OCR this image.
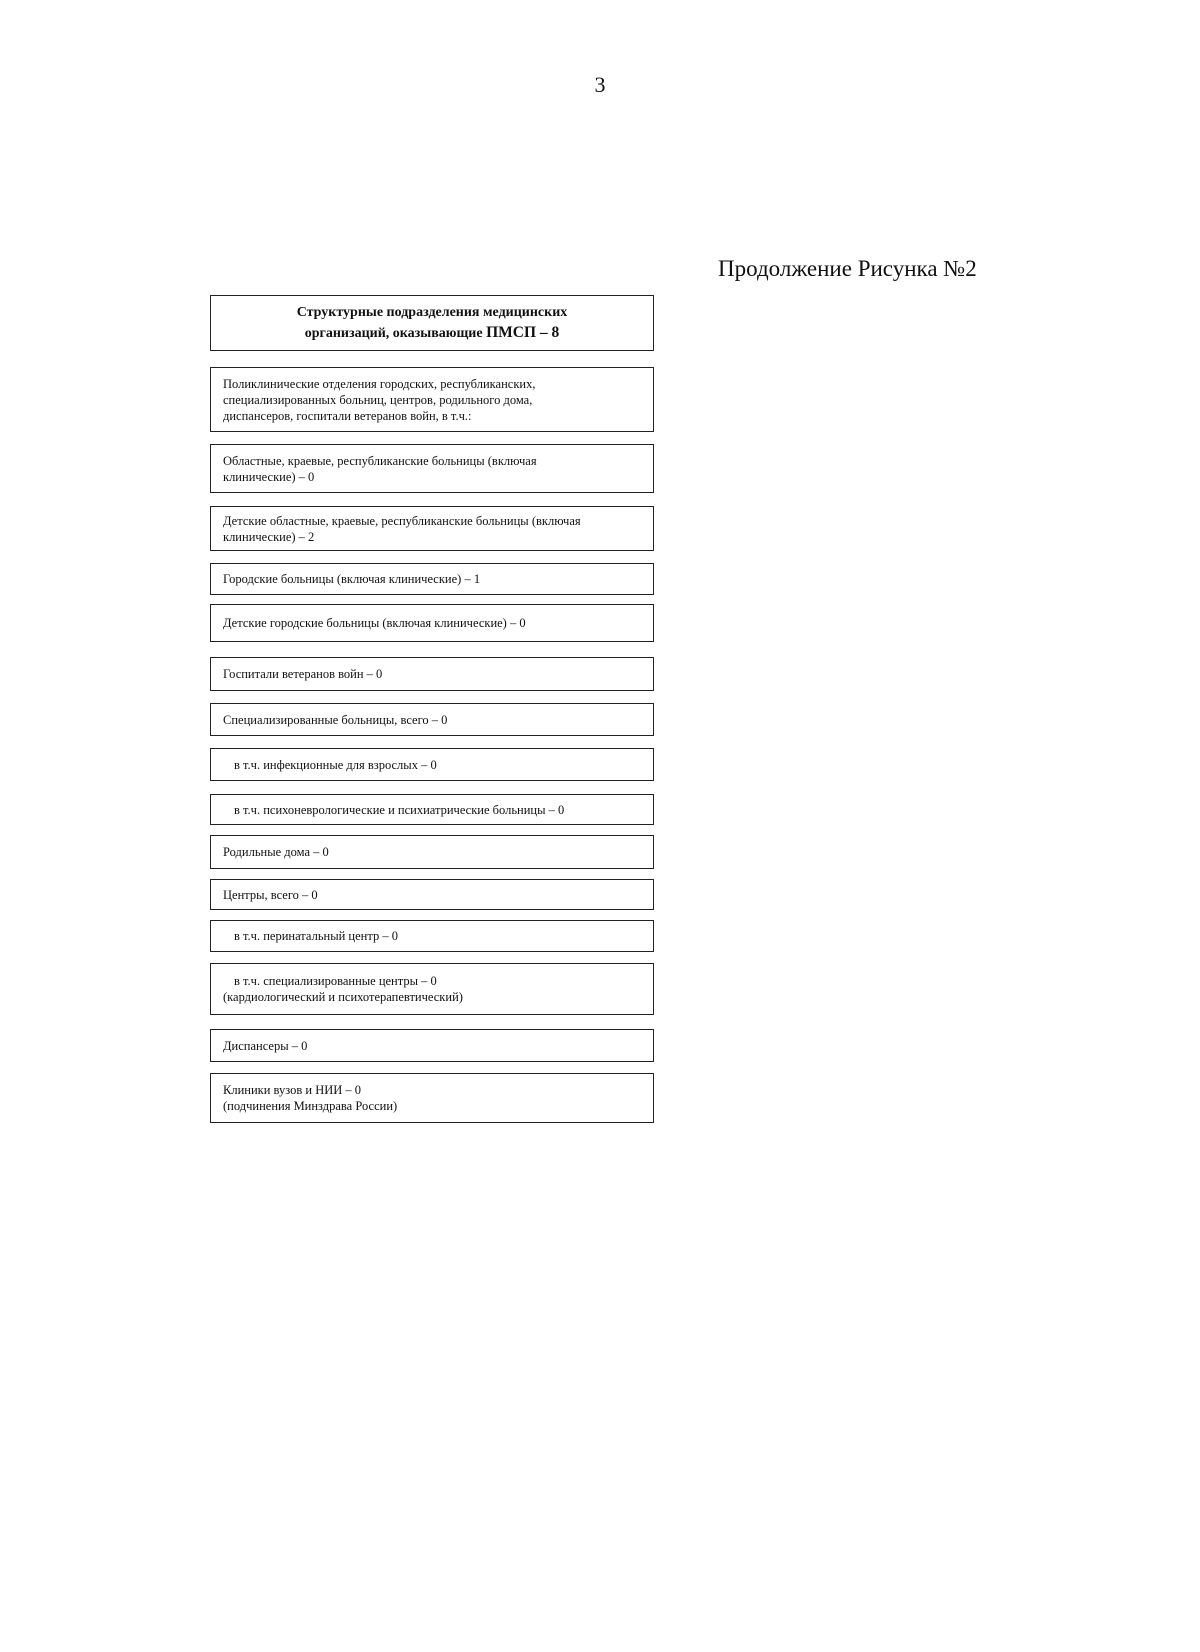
3
Продолжение Рисунка №2
Структурные подразделения медицинских
организаций, оказывающие ПМСП – 8
Поликлинические отделения городских, республиканских,
специализированных больниц, центров, родильного дома,
диспансеров, госпитали ветеранов войн, в т.ч.:
Областные, краевые, республиканские больницы (включая
клинические) – 0
Детские областные, краевые, республиканские больницы (включая
клинические) – 2
Городские больницы (включая клинические) – 1
Детские городские больницы (включая клинические) – 0
Госпитали ветеранов войн – 0
Специализированные больницы, всего – 0
в т.ч. инфекционные для взрослых – 0
в т.ч. психоневрологические и психиатрические больницы – 0
Родильные дома – 0
Центры, всего – 0
в т.ч. перинатальный центр – 0
в т.ч. специализированные центры – 0
(кардиологический и психотерапевтический)
Диспансеры – 0
Клиники вузов и НИИ – 0
(подчинения Минздрава России)
